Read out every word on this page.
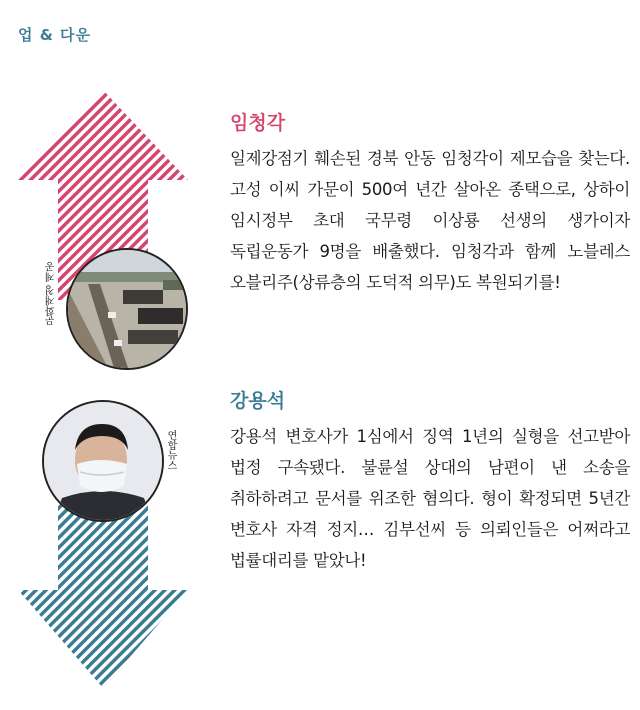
업 & 다운
문화재청 제공
연합뉴스
임청각
일제강점기 훼손된 경북 안동 임청각이 제모습을 찾는다. 고성 이씨 가문이 500여 년간 살아온 종택으로, 상하이 임시정부 초대 국무령 이상룡 선생의 생가이자 독립운동가 9명을 배출했다. 임청각과 함께 노블레스 오블리주(상류층의 도덕적 의무)도 복원되기를!
강용석
강용석 변호사가 1심에서 징역 1년의 실형을 선고받아 법정 구속됐다. 불륜설 상대의 남편이 낸 소송을 취하하려고 문서를 위조한 혐의다. 형이 확정되면 5년간 변호사 자격 정지… 김부선씨 등 의뢰인들은 어쩌라고 법률대리를 맡았나!
